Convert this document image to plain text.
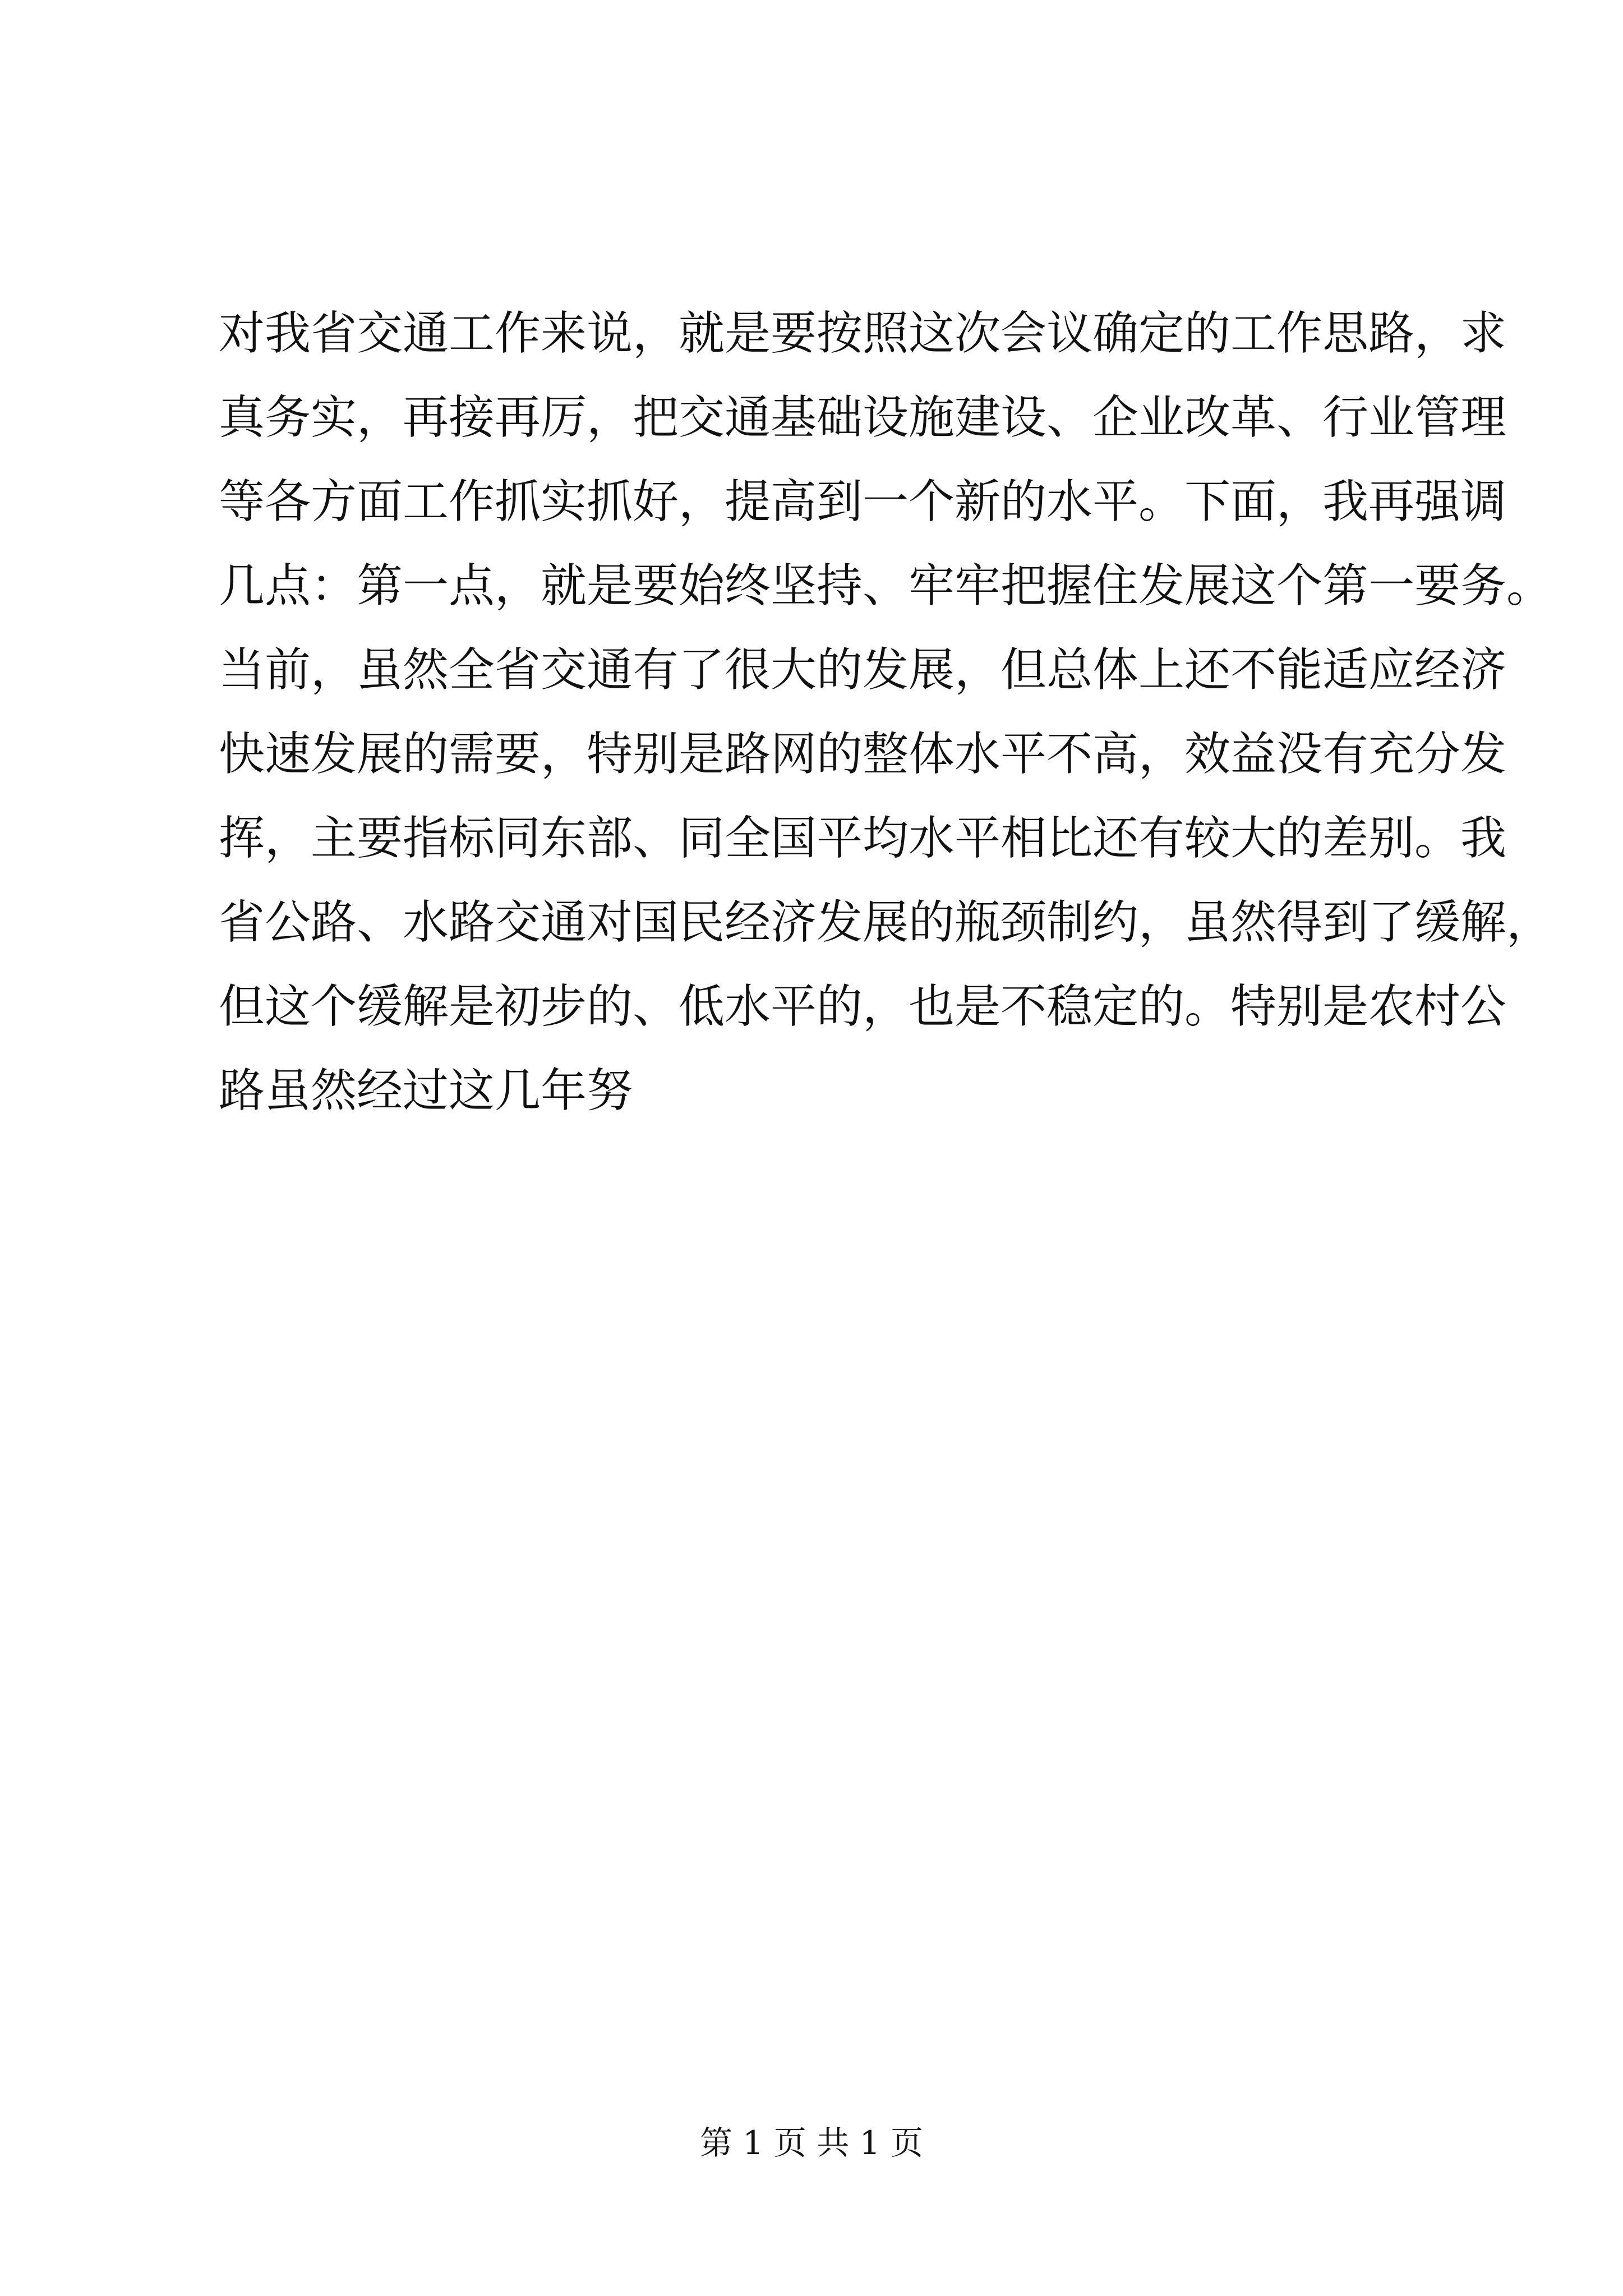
对我省交通工作来说，就是要按照这次会议确定的工作思路，求
真务实，再接再厉，把交通基础设施建设、企业改革、行业管理
等各方面工作抓实抓好，提高到一个新的水平。下面，我再强调
几点：第一点，就是要始终坚持、牢牢把握住发展这个第一要务。
当前，虽然全省交通有了很大的发展，但总体上还不能适应经济
快速发展的需要，特别是路网的整体水平不高，效益没有充分发
挥，主要指标同东部、同全国平均水平相比还有较大的差别。我
省公路、水路交通对国民经济发展的瓶颈制约，虽然得到了缓解，
但这个缓解是初步的、低水平的，也是不稳定的。特别是农村公
路虽然经过这几年努
第 1 页 共 1 页
